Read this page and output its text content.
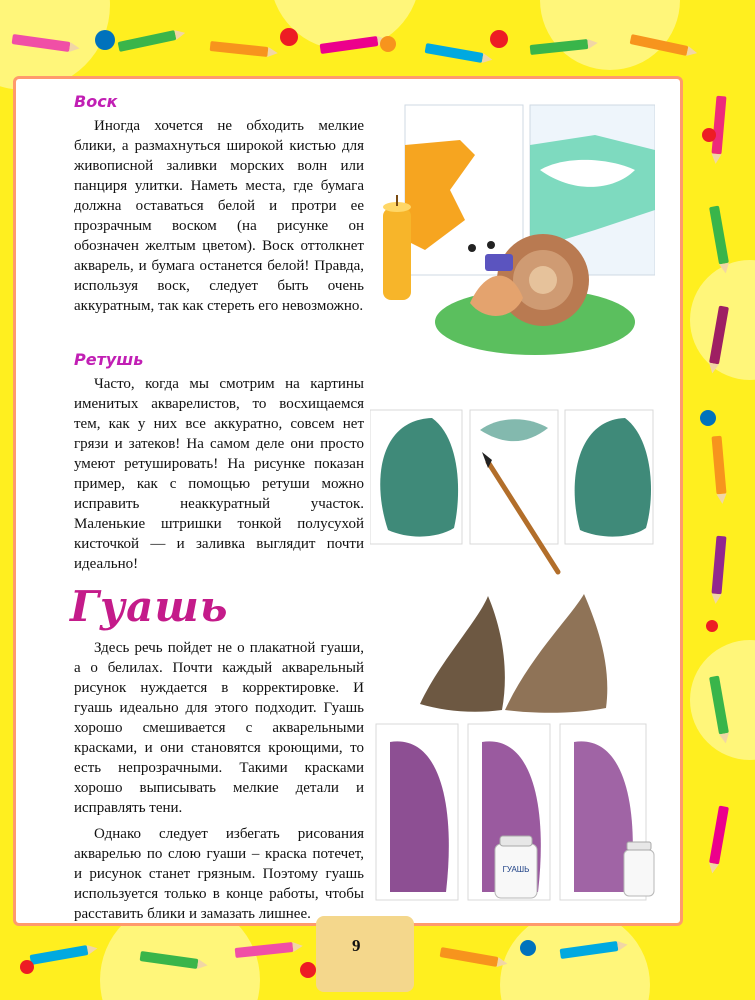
Воск

Иногда хочется не обходить мелкие блики, а размахнуться широкой кистью для живописной заливки морских волн или панциря улитки. Наметь места, где бумага должна оставаться белой и протри ее прозрачным воском (на рисунке он обозначен желтым цветом). Воск оттолкнет акварель, и бумага останется белой! Правда, используя воск, следует быть очень аккуратным, так как стереть его невозможно.

Ретушь

Часто, когда мы смотрим на картины именитых акварелистов, то восхищаемся тем, как у них все аккуратно, совсем нет грязи и затеков! На самом деле они просто умеют ретушировать! На рисунке показан пример, как с помощью ретуши можно исправить неаккуратный участок. Маленькие штришки тонкой полусухой кисточкой — и заливка выглядит почти идеально!

Гуашь

Здесь речь пойдет не о плакатной гуаши, а о белилах. Почти каждый акварельный рисунок нуждается в корректировке. И гуашь идеально для этого подходит. Гуашь хорошо смешивается с акварельными красками, и они становятся кроющими, то есть непрозрачными. Такими красками хорошо выписывать мелкие детали и исправлять тени.

Однако следует избегать рисования акварелью по слою гуаши – краска потечет, и рисунок станет грязным. Поэтому гуашь используется только в конце работы, чтобы расставить блики и замазать лишнее.

ГУАШЬ
9
